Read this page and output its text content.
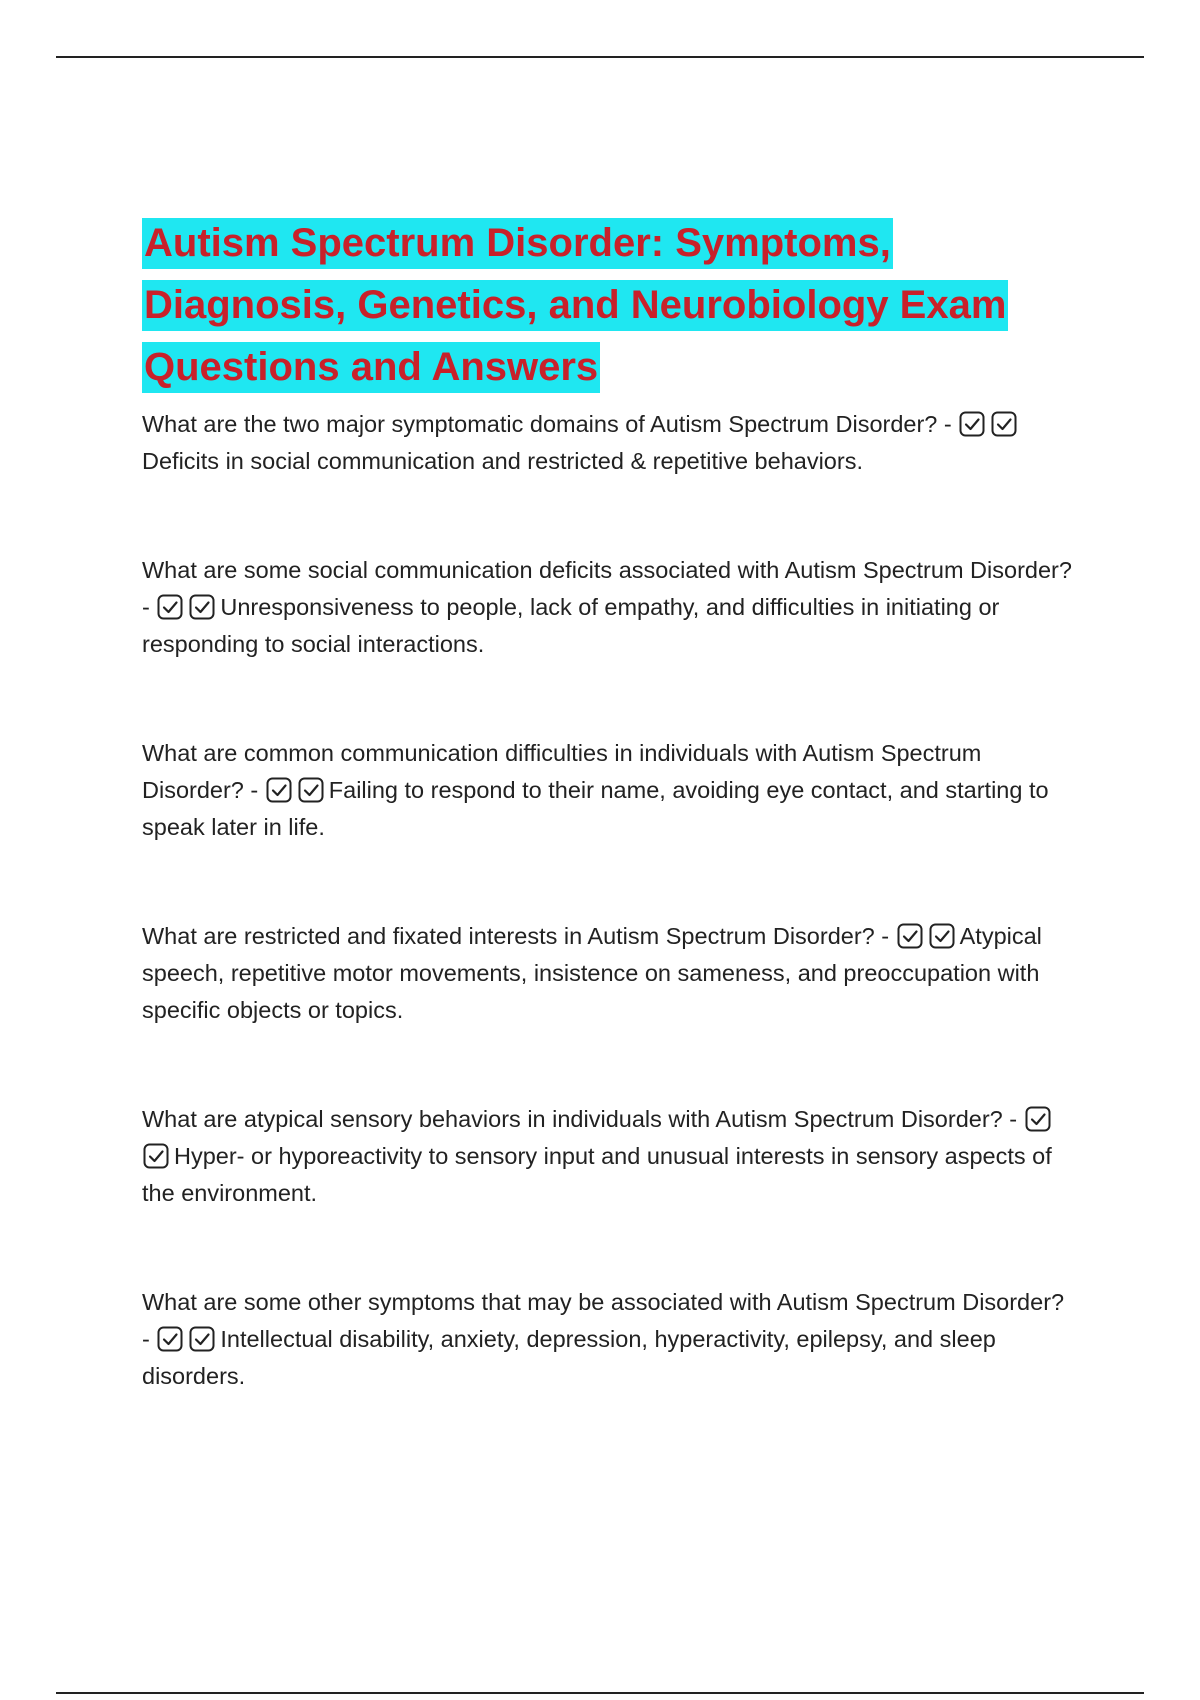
Autism Spectrum Disorder: Symptoms,
Diagnosis, Genetics, and Neurobiology Exam
Questions and Answers

What are the two major symptomatic domains of Autism Spectrum Disorder? -
Deficits in social communication and restricted & repetitive behaviors.

What are some social communication deficits associated with Autism Spectrum Disorder? -	Unresponsiveness to people, lack of empathy, and difficulties in initiating or responding to social interactions.

What are common communication difficulties in individuals with Autism Spectrum Disorder? -	Failing to respond to their name, avoiding eye contact, and starting to speak later in life.

What are restricted and fixated interests in Autism Spectrum Disorder? -	Atypical speech, repetitive motor movements, insistence on sameness, and preoccupation with specific objects or topics.

What are atypical sensory behaviors in individuals with Autism Spectrum Disorder? -
Hyper- or hyporeactivity to sensory input and unusual interests in sensory aspects of the environment.

What are some other symptoms that may be associated with Autism Spectrum Disorder? -	Intellectual disability, anxiety, depression, hyperactivity, epilepsy, and sleep disorders.
